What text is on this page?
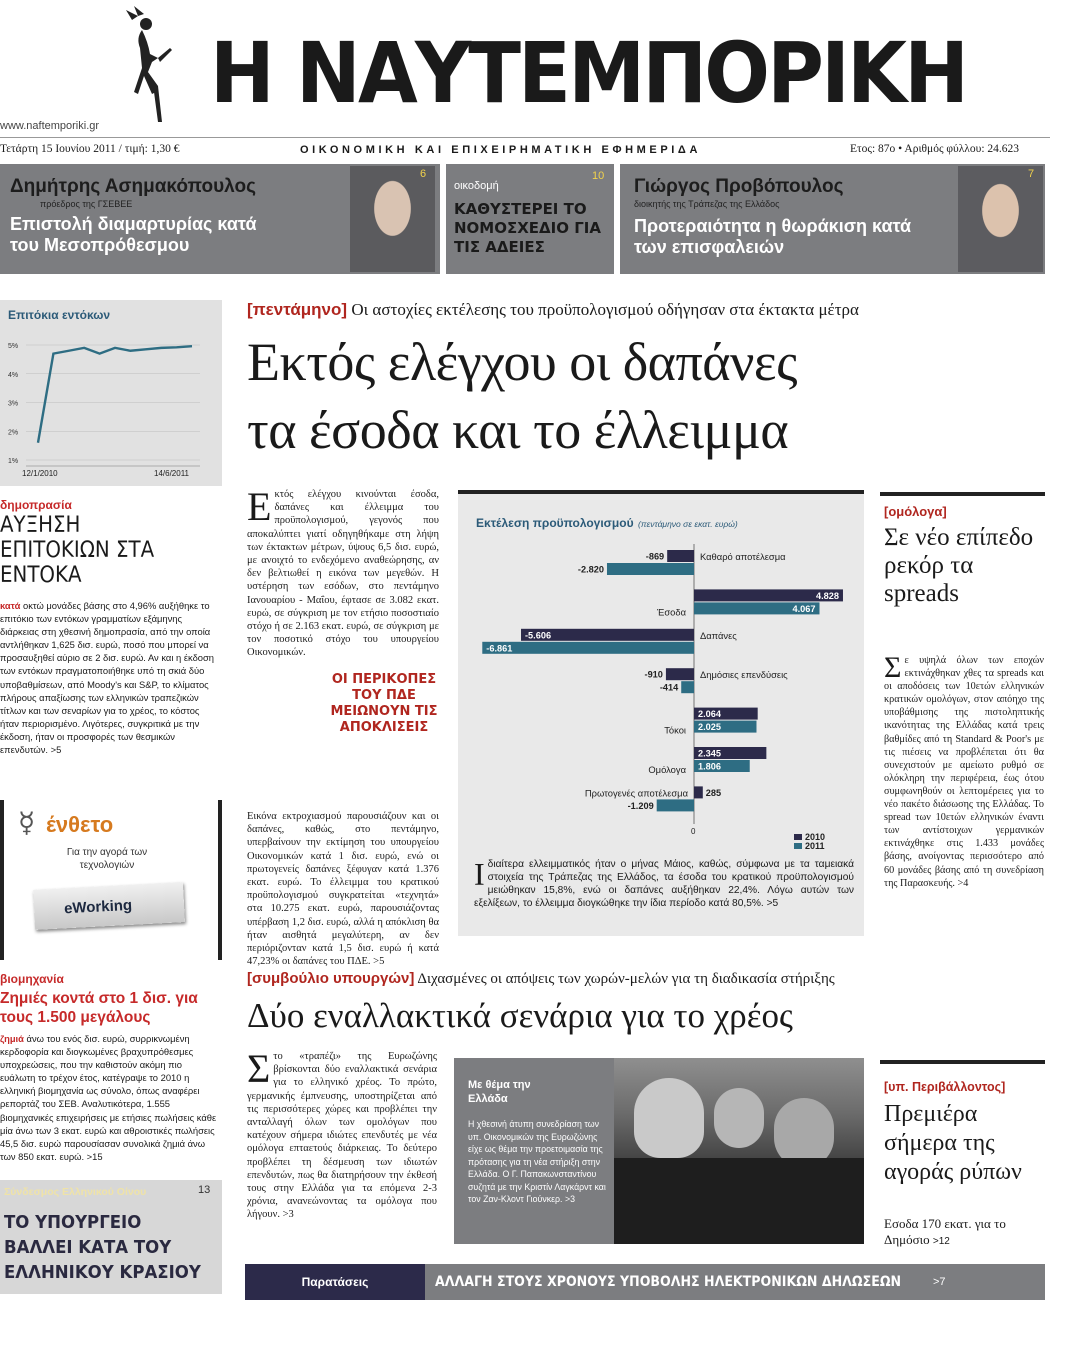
Η ΝΑΥΤΕΜΠΟΡΙΚΗ
www.naftemporiki.gr
Τετάρτη 15 Ιουνίου 2011 / τιμή: 1,30 €	ΟΙΚΟΝΟΜΙΚΗ ΚΑΙ ΕΠΙΧΕΙΡΗΜΑΤΙΚΗ ΕΦΗΜΕΡΙΔΑ	Ετος: 87ο • Αριθμός φύλλου: 24.623
Δημήτρης Ασημακόπουλος
πρόεδρος της ΓΣΕΒΕΕ
Επιστολή διαμαρτυρίας κατά του Μεσοπρόθεσμου
6
οικοδομή
10
ΚΑΘΥΣΤΕΡΕΙ ΤΟ ΝΟΜΟΣΧΕΔΙΟ ΓΙΑ ΤΙΣ ΑΔΕΙΕΣ
Γιώργος Προβόπουλος
διοικητής της Τράπεζας της Ελλάδος
Προτεραιότητα η θωράκιση κατά των επισφαλειών
7
Επιτόκια εντόκων
5%
4%
3%
2%
1%
12/1/2010	14/6/2011
δημοπρασία
ΑΥΞΗΣΗ ΕΠΙΤΟΚΙΩΝ ΣΤΑ ΕΝΤΟΚΑ
κατά οκτώ μονάδες βάσης στο 4,96% αυξήθηκε το επιτόκιο των εντόκων γραμματίων εξάμηνης διάρκειας στη χθεσινή δημοπρασία, από την οποία αντλήθηκαν 1,625 δισ. ευρώ, ποσό που μπορεί να προσαυξηθεί αύριο σε 2 δισ. ευρώ. Αν και η έκδοση των εντόκων πραγματοποιήθηκε υπό τη σκιά δύο υποβαθμίσεων, από Moody's και S&P, το κλίματος πλήρους απαξίωσης των ελληνικών τραπεζικών τίτλων και των σεναρίων για το χρέος, το κόστος ήταν περιορισμένο. Λιγότερες, συγκριτικά με την έκδοση, ήταν οι προσφορές των θεσμικών επενδυτών. >5
☿ ένθετο
Για την αγορά των τεχνολογιών
eWorking
βιομηχανία
Ζημιές κοντά στο 1 δισ. για τους 1.500 μεγάλους
ζημιά άνω του ενός δισ. ευρώ, συρρικνωμένη κερδοφορία και διογκωμένες βραχυπρόθεσμες υποχρεώσεις, που την καθιστούν ακόμη πιο ευάλωτη το τρέχον έτος, κατέγραψε το 2010 η ελληνική βιομηχανία ως σύνολο, όπως αναφέρει ρεπορτάζ του ΣΕΒ. Αναλυτικότερα, 1.555 βιομηχανικές επιχειρήσεις με ετήσιες πωλήσεις κάθε μία άνω των 3 εκατ. ευρώ και αθροιστικές πωλήσεις 45,5 δισ. ευρώ παρουσίασαν συνολικά ζημιά άνω των 850 εκατ. ευρώ. >15
Σύνδεσμος Ελληνικού Οίνου	13
ΤΟ ΥΠΟΥΡΓΕΙΟ ΒΑΛΛΕΙ ΚΑΤΑ ΤΟΥ ΕΛΛΗΝΙΚΟΥ ΚΡΑΣΙΟΥ
[πεντάμηνο] Οι αστοχίες εκτέλεσης του προϋπολογισμού οδήγησαν στα έκτακτα μέτρα
Εκτός ελέγχου οι δαπάνες
τα έσοδα και το έλλειμμα
Εκτός ελέγχου κινούνται έσοδα, δαπάνες και έλλειμμα του προϋπολογισμού, γεγονός που αποκαλύπτει γιατί οδηγηθήκαμε στη λήψη των έκτακτων μέτρων, ύψους 6,5 δισ. ευρώ, με ανοιχτό το ενδεχόμενο αναθεώρησης, αν δεν βελτιωθεί η εικόνα των μεγεθών. Η υστέρηση των εσόδων, στο πεντάμηνο Ιανουαρίου - Μαΐου, έφτασε σε 3.082 εκατ. ευρώ, σε σύγκριση με τον ετήσιο ποσοστιαίο στόχο ή σε 2.163 εκατ. ευρώ, σε σύγκριση με τον ποσοτικό στόχο του υπουργείου Οικονομικών.
Εικόνα εκτροχιασμού παρουσιάζουν και οι δαπάνες, καθώς, στο πεντάμηνο, υπερβαίνουν την εκτίμηση του υπουργείου Οικονομικών κατά 1 δισ. ευρώ, ενώ οι πρωτογενείς δαπάνες ξέφυγαν κατά 1.376 εκατ. ευρώ. Το έλλειμμα του κρατικού προϋπολογισμού συγκρατείται «τεχνητά» στα 10.275 εκατ. ευρώ, παρουσιάζοντας υπέρβαση 1,2 δισ. ευρώ, αλλά η απόκλιση θα ήταν αισθητά μεγαλύτερη, αν δεν περιόριζονταν κατά 1,5 δισ. ευρώ ή κατά 47,23% οι δαπάνες του ΠΔΕ. >5
ΟΙ ΠΕΡΙΚΟΠΕΣ ΤΟΥ ΠΔΕ ΜΕΙΩΝΟΥΝ ΤΙΣ ΑΠΟΚΛΙΣΕΙΣ
Εκτέλεση προϋπολογισμού (πεντάμηνο σε εκατ. ευρώ)
0
-869
-2.820
Καθαρό αποτέλεσμα
4.828
4.067
Έσοδα
-5.606
-6.861
Δαπάνες
-910
-414
Δημόσιες επενδύσεις
2.064
2.025
Τόκοι
2.345
1.806
Ομόλογα
285
-1.209
Πρωτογενές αποτέλεσμα
2010
2011
Ιδιαίτερα ελλειμματικός ήταν ο μήνας Μάιος, καθώς, σύμφωνα με τα ταμειακά στοιχεία της Τράπεζας της Ελλάδος, τα έσοδα του κρατικού προϋπολογισμού μειώθηκαν 15,8%, ενώ οι δαπάνες αυξήθηκαν 22,4%. Λόγω αυτών των εξελίξεων, το έλλειμμα διογκώθηκε την ίδια περίοδο κατά 80,5%. >5
[ομόλογα]
Σε νέο επίπεδο ρεκόρ τα spreads
Σε υψηλά όλων των εποχών εκτινάχθηκαν χθες τα spreads και οι αποδόσεις των 10ετών ελληνικών κρατικών ομολόγων, στον απόηχο της υποβάθμισης της πιστοληπτικής ικανότητας της Ελλάδας κατά τρεις βαθμίδες από τη Standard & Poor's με τις πιέσεις να προβλέπεται ότι θα συνεχιστούν με αμείωτο ρυθμό σε ολόκληρη την περιφέρεια, έως ότου συμφωνηθούν οι λεπτομέρειες για το νέο πακέτο διάσωσης της Ελλάδας. Το spread των 10ετών ελληνικών έναντι των αντίστοιχων γερμανικών εκτινάχθηκε στις 1.433 μονάδες βάσης, ανοίγοντας περισσότερο από 60 μονάδες βάσης από τη συνεδρίαση της Παρασκευής. >4
[συμβούλιο υπουργών] Διχασμένες οι απόψεις των χωρών-μελών για τη διαδικασία στήριξης
Δύο εναλλακτικά σενάρια για το χρέος
Στο «τραπέζι» της Ευρωζώνης βρίσκονται δύο εναλλακτικά σενάρια για το ελληνικό χρέος. Το πρώτο, γερμανικής έμπνευσης, υποστηρίζεται από τις περισσότερες χώρες και προβλέπει την ανταλλαγή όλων των ομολόγων που κατέχουν σήμερα ιδιώτες επενδυτές με νέα ομόλογα επταετούς διάρκειας. Το δεύτερο προβλέπει τη δέσμευση των ιδιωτών επενδυτών, πως θα διατηρήσουν την έκθεσή τους στην Ελλάδα για τα επόμενα 2-3 χρόνια, ανανεώνοντας τα ομόλογα που λήγουν. >3
Με θέμα την Ελλάδα
Η χθεσινή άτυπη συνεδρίαση των υπ. Οικονομικών της Ευρωζώνης είχε ως θέμα την προετοιμασία της πρότασης για τη νέα στήριξη στην Ελλάδα. Ο Γ. Παπακωνσταντίνου συζητά με την Κριστίν Λαγκάρντ και τον Ζαν-Κλοντ Γιούνκερ. >3
[υπ. Περιβάλλοντος]
Πρεμιέρα σήμερα της αγοράς ρύπων
Εσοδα 170 εκατ. για το Δημόσιο >12
Παρατάσεις	ΑΛΛΑΓΗ ΣΤΟΥΣ ΧΡΟΝΟΥΣ ΥΠΟΒΟΛΗΣ ΗΛΕΚΤΡΟΝΙΚΩΝ ΔΗΛΩΣΕΩΝ	>7
